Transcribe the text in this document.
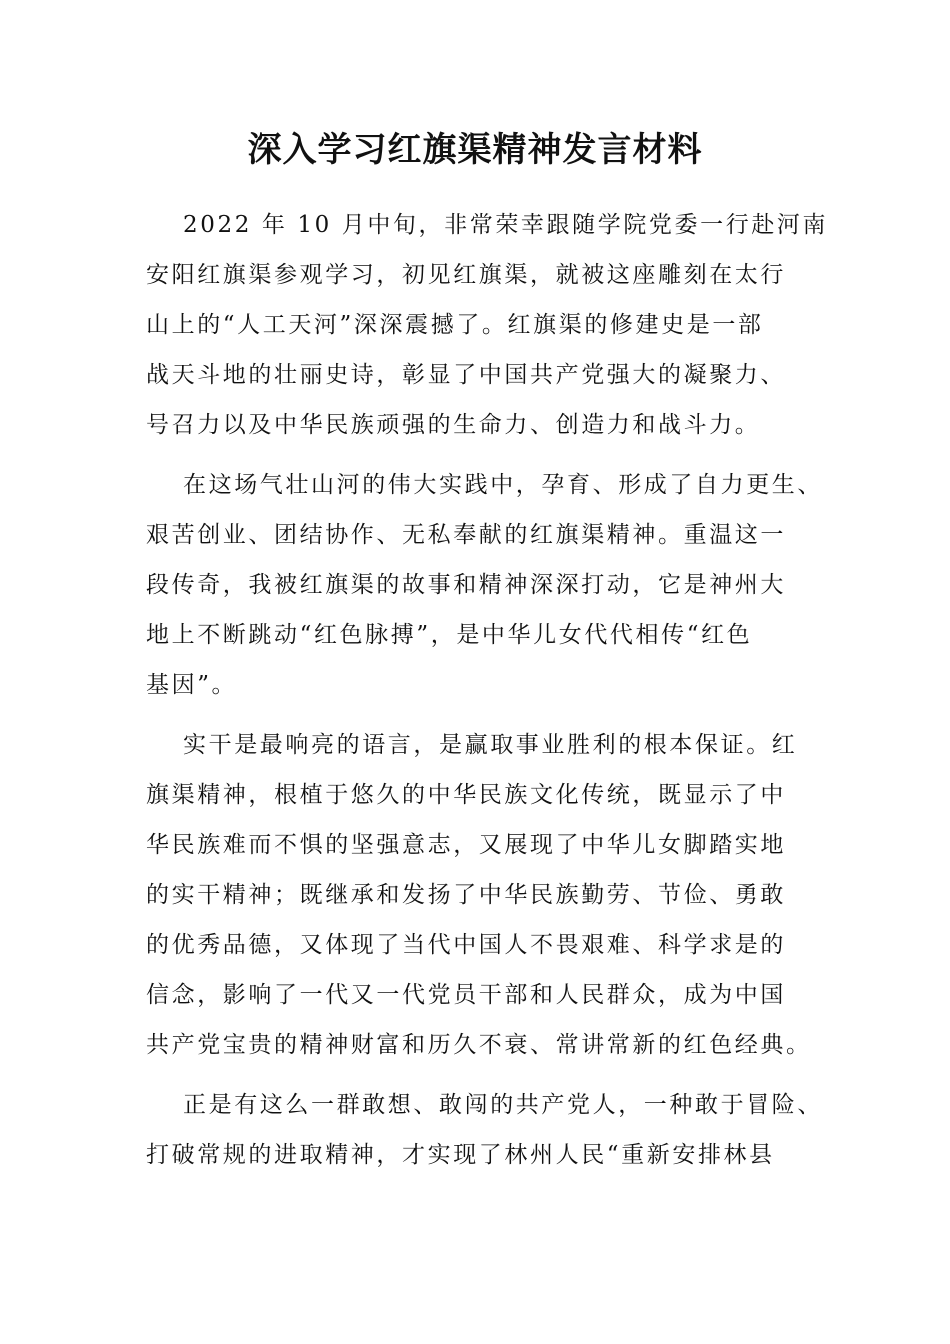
深入学习红旗渠精神发言材料
2022 年 10 月中旬，非常荣幸跟随学院党委一行赴河南
安阳红旗渠参观学习，初见红旗渠，就被这座雕刻在太行
山上的“人工天河”深深震撼了。红旗渠的修建史是一部
战天斗地的壮丽史诗，彰显了中国共产党强大的凝聚力、
号召力以及中华民族顽强的生命力、创造力和战斗力。
在这场气壮山河的伟大实践中，孕育、形成了自力更生、
艰苦创业、团结协作、无私奉献的红旗渠精神。重温这一
段传奇，我被红旗渠的故事和精神深深打动，它是神州大
地上不断跳动“红色脉搏”，是中华儿女代代相传“红色
基因”。
实干是最响亮的语言，是赢取事业胜利的根本保证。红
旗渠精神，根植于悠久的中华民族文化传统，既显示了中
华民族难而不惧的坚强意志，又展现了中华儿女脚踏实地
的实干精神；既继承和发扬了中华民族勤劳、节俭、勇敢
的优秀品德，又体现了当代中国人不畏艰难、科学求是的
信念，影响了一代又一代党员干部和人民群众，成为中国
共产党宝贵的精神财富和历久不衰、常讲常新的红色经典。
正是有这么一群敢想、敢闯的共产党人，一种敢于冒险、
打破常规的进取精神，才实现了林州人民“重新安排林县
